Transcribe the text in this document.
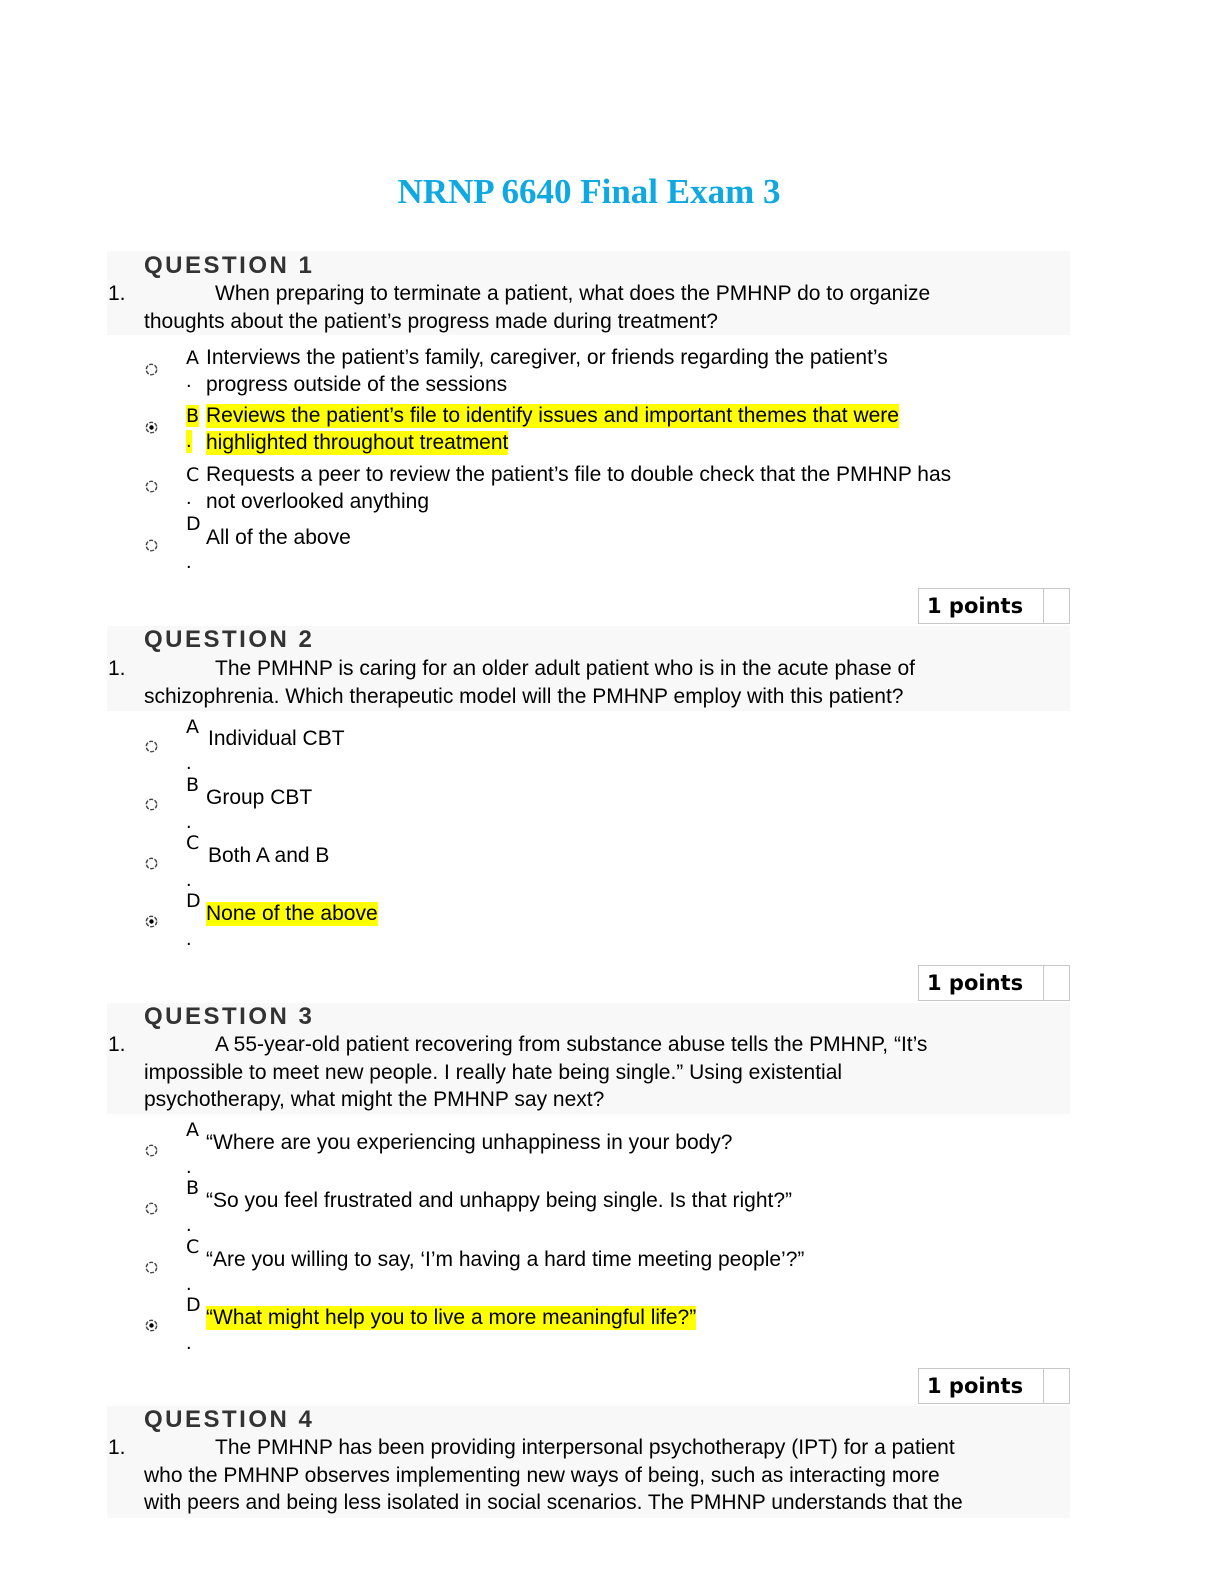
NRNP 6640 Final Exam 3
QUESTION 1
1.	When preparing to terminate a patient, what does the PMHNP do to organize
thoughts about the patient’s progress made during treatment?
A
.
Interviews the patient’s family, caregiver, or friends regarding the patient’s
progress outside of the sessions
B
.
Reviews the patient’s file to identify issues and important themes that were
highlighted throughout treatment
C
.
Requests a peer to review the patient’s file to double check that the PMHNP has
not overlooked anything
D
.
All of the above
1 points
QUESTION 2
1.	The PMHNP is caring for an older adult patient who is in the acute phase of
schizophrenia. Which therapeutic model will the PMHNP employ with this patient?
A
.
Individual CBT
B
.
Group CBT
C
.
Both A and B
D
.
None of the above
1 points
QUESTION 3
1.	A 55-year-old patient recovering from substance abuse tells the PMHNP, “It’s
impossible to meet new people. I really hate being single.” Using existential
psychotherapy, what might the PMHNP say next?
A
.
“Where are you experiencing unhappiness in your body?
B
.
“So you feel frustrated and unhappy being single. Is that right?”
C
.
“Are you willing to say, ‘I’m having a hard time meeting people’?”
D
.
“What might help you to live a more meaningful life?”
1 points
QUESTION 4
1.	The PMHNP has been providing interpersonal psychotherapy (IPT) for a patient
who the PMHNP observes implementing new ways of being, such as interacting more
with peers and being less isolated in social scenarios. The PMHNP understands that the
